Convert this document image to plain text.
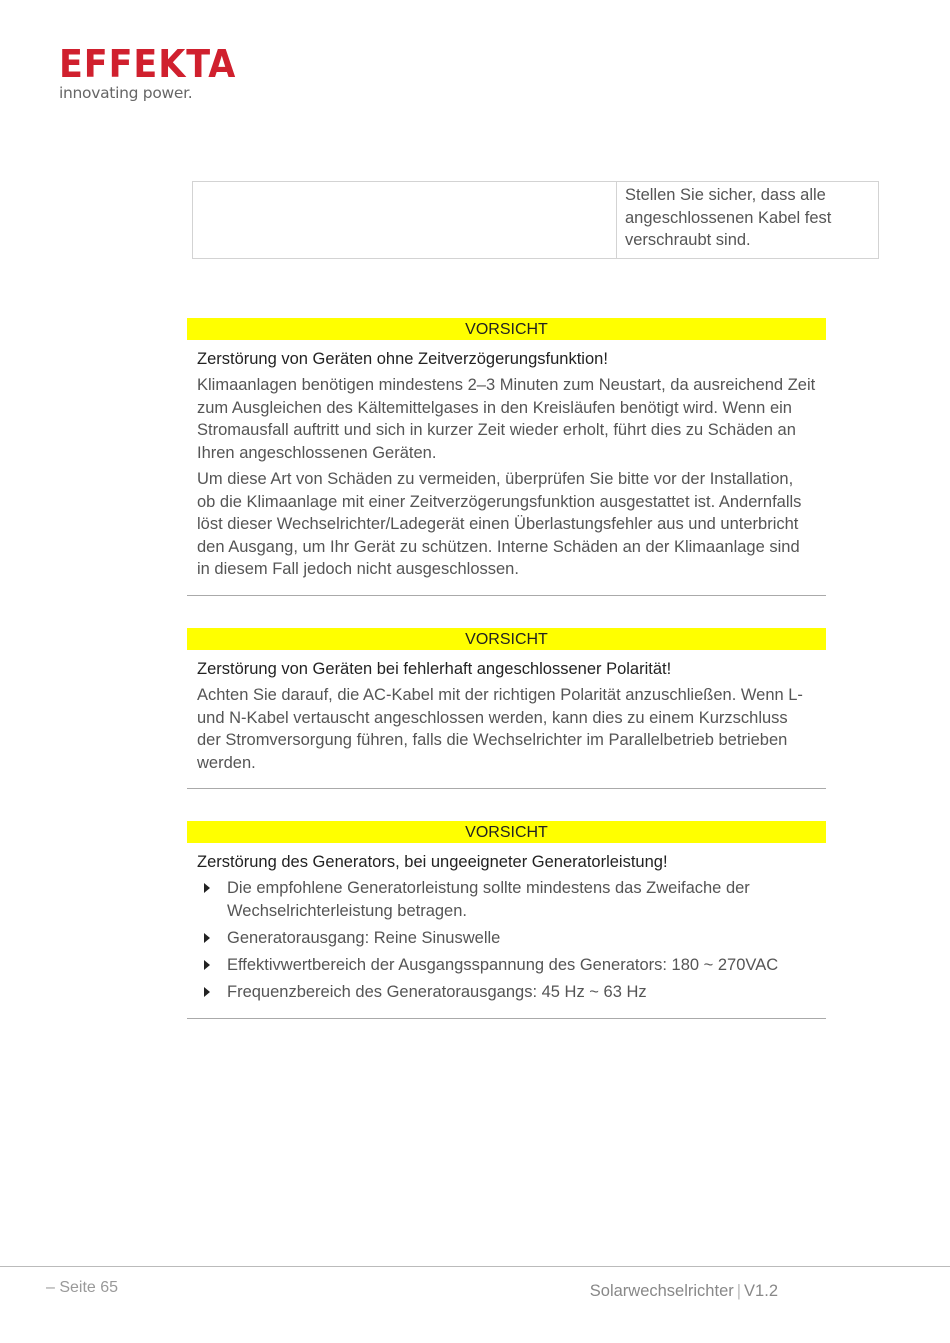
EFFEKTA
innovating power.
Stellen Sie sicher, dass alle angeschlossenen Kabel fest verschraubt sind.
VORSICHT
Zerstörung von Geräten ohne Zeitverzögerungsfunktion!

Klimaanlagen benötigen mindestens 2–3 Minuten zum Neustart, da ausreichend Zeit zum Ausgleichen des Kältemittelgases in den Kreisläufen benötigt wird. Wenn ein Stromausfall auftritt und sich in kurzer Zeit wieder erholt, führt dies zu Schäden an Ihren angeschlossenen Geräten.

Um diese Art von Schäden zu vermeiden, überprüfen Sie bitte vor der Installation, ob die Klimaanlage mit einer Zeitverzögerungsfunktion ausgestattet ist. Andernfalls löst dieser Wechselrichter/Ladegerät einen Überlastungsfehler aus und unterbricht den Ausgang, um Ihr Gerät zu schützen. Interne Schäden an der Klimaanlage sind in diesem Fall jedoch nicht ausgeschlossen.

VORSICHT
Zerstörung von Geräten bei fehlerhaft angeschlossener Polarität!

Achten Sie darauf, die AC-Kabel mit der richtigen Polarität anzuschließen. Wenn L- und N-Kabel vertauscht angeschlossen werden, kann dies zu einem Kurzschluss der Stromversorgung führen, falls die Wechselrichter im Parallelbetrieb betrieben werden.

VORSICHT
Zerstörung des Generators, bei ungeeigneter Generatorleistung!
Die empfohlene Generatorleistung sollte mindestens das Zweifache der Wechselrichterleistung betragen.
Generatorausgang: Reine Sinuswelle
Effektivwertbereich der Ausgangsspannung des Generators: 180 ~ 270VAC
Frequenzbereich des Generatorausgangs: 45 Hz ~ 63 Hz
– Seite 65	Solarwechselrichter | V1.2
